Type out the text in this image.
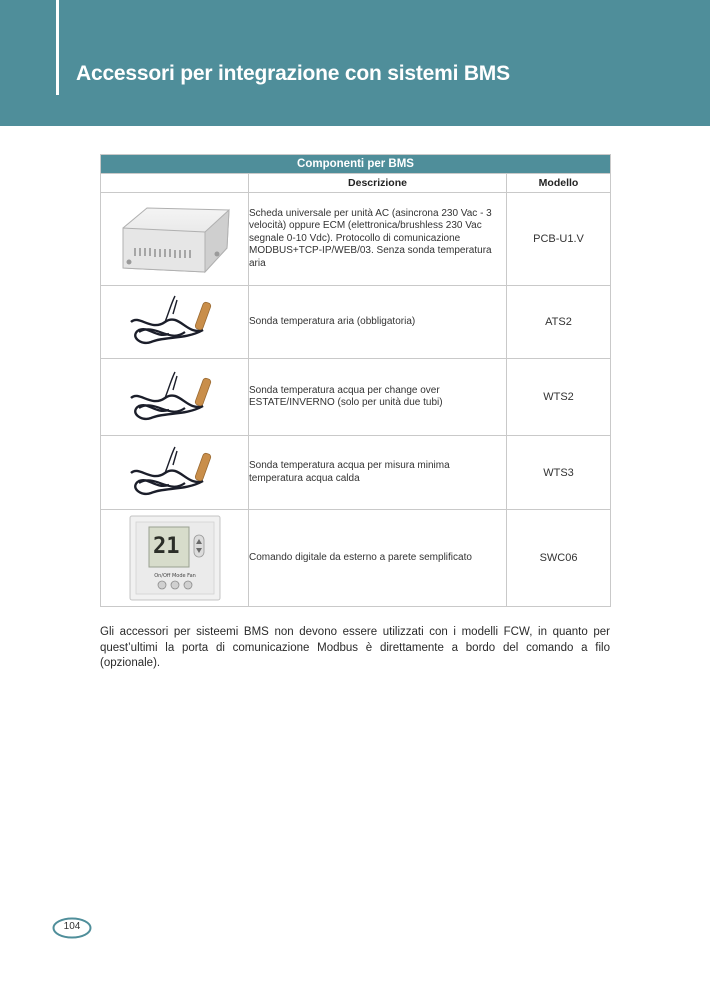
Accessori per integrazione con sistemi BMS
Componenti per BMS		
	Descrizione	Modello

	Scheda universale per unità AC (asincrona 230 Vac - 3 velocità) oppure ECM (elettronica/brushless 230 Vac segnale 0-10 Vdc). Protocollo di comunicazione MODBUS+TCP-IP/WEB/03. Senza sonda temperatura aria	PCB-U1.V

	Sonda temperatura aria (obbligatoria)	ATS2

	Sonda temperatura acqua per change over ESTATE/INVERNO (solo per unità due tubi)	WTS2

	Sonda temperatura acqua per misura minima temperatura acqua calda	WTS3

21
On/Off Mode Fan	Comando digitale da esterno a parete semplificato	SWC06
Gli accessori per sisteemi BMS non devono essere utilizzati con i modelli FCW, in quanto per quest’ultimi la porta di comunicazione Modbus è direttamente a bordo del comando a filo (opzionale).
104
